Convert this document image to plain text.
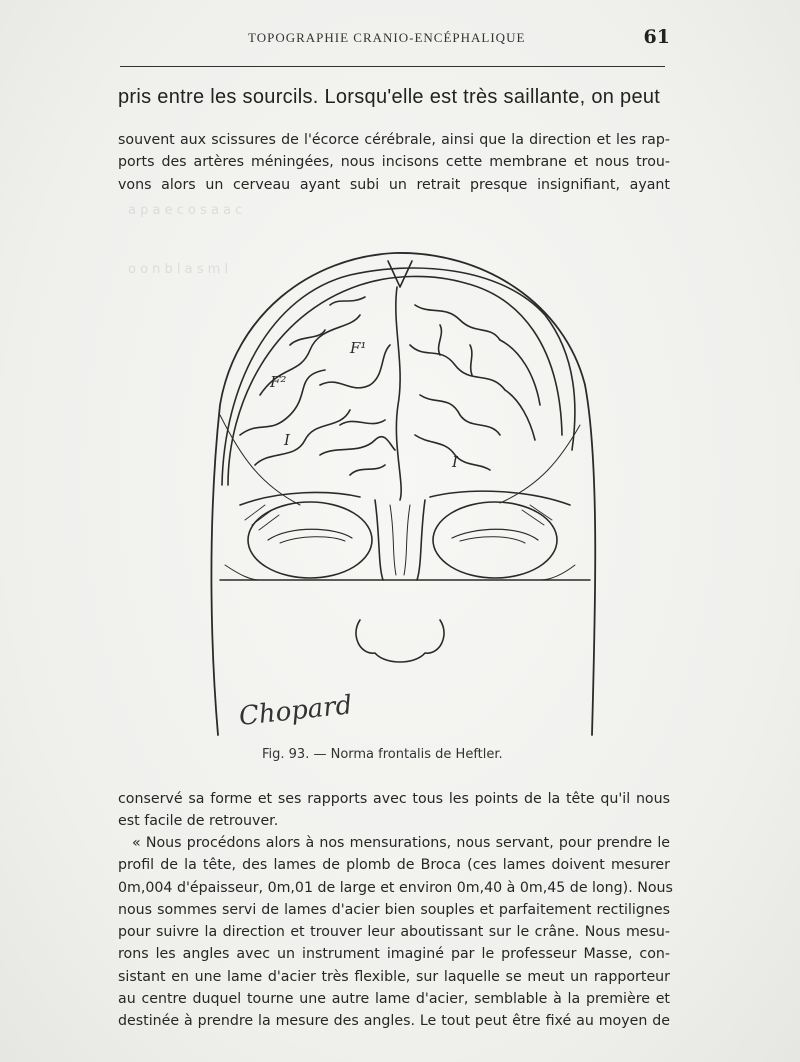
TOPOGRAPHIE CRANIO-ENCÉPHALIQUE	61
pris entre les sourcils. Lorsqu'elle est très saillante, on peut
souvent aux scissures de l'écorce cérébrale, ainsi que la direction et les rap-
ports des artères méningées, nous incisons cette membrane et nous trou-
vons alors un cerveau ayant subi un retrait presque insignifiant, ayant
a p a e c o s a a c
o o n b l a s m l
F¹
F²
I
I
Chopard
Fig. 93. — Norma frontalis de Heftler.
conservé sa forme et ses rapports avec tous les points de la tête qu'il nous
est facile de retrouver.
« Nous procédons alors à nos mensurations, nous servant, pour prendre le
profil de la tête, des lames de plomb de Broca (ces lames doivent mesurer
0m,004 d'épaisseur, 0m,01 de large et environ 0m,40 à 0m,45 de long). Nous
nous sommes servi de lames d'acier bien souples et parfaitement rectilignes
pour suivre la direction et trouver leur aboutissant sur le crâne. Nous mesu-
rons les angles avec un instrument imaginé par le professeur Masse, con-
sistant en une lame d'acier très flexible, sur laquelle se meut un rapporteur
au centre duquel tourne une autre lame d'acier, semblable à la première et
destinée à prendre la mesure des angles. Le tout peut être fixé au moyen de
